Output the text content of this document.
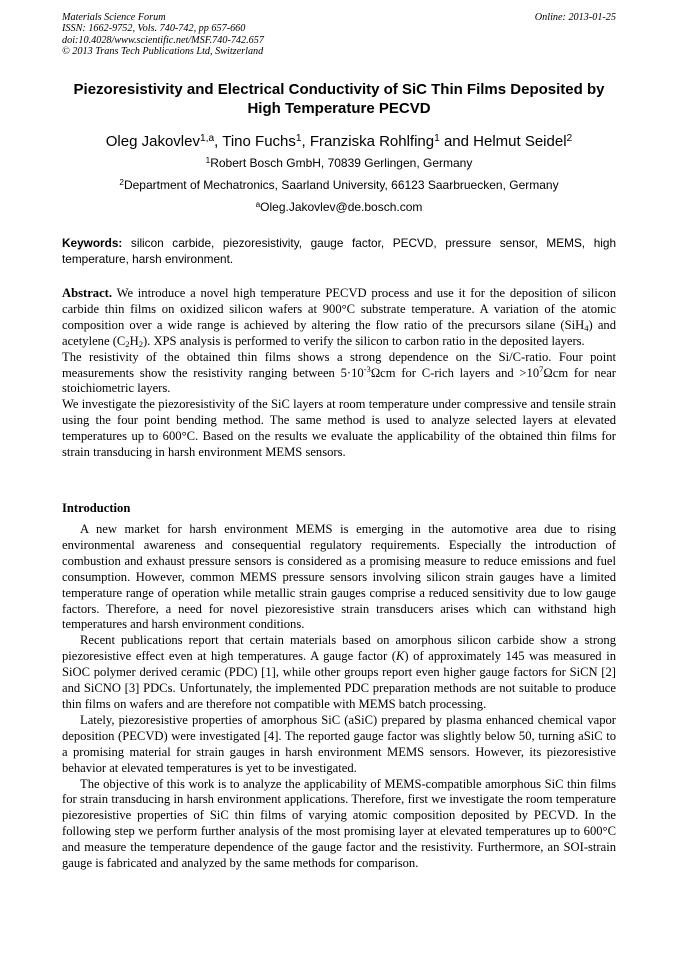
Materials Science Forum
ISSN: 1662-9752, Vols. 740-742, pp 657-660
doi:10.4028/www.scientific.net/MSF.740-742.657
© 2013 Trans Tech Publications Ltd, Switzerland
Online: 2013-01-25
Piezoresistivity and Electrical Conductivity of SiC Thin Films Deposited by High Temperature PECVD
Oleg Jakovlev$^{1,a}$, Tino Fuchs$^1$, Franziska Rohlfing$^1$ and Helmut Seidel$^2$
$^1$Robert Bosch GmbH, 70839 Gerlingen, Germany
$^2$Department of Mechatronics, Saarland University, 66123 Saarbruecken, Germany
$^a$Oleg.Jakovlev@de.bosch.com
Keywords: silicon carbide, piezoresistivity, gauge factor, PECVD, pressure sensor, MEMS, high temperature, harsh environment.

Abstract. We introduce a novel high temperature PECVD process and use it for the deposition of silicon carbide thin films on oxidized silicon wafers at 900°C substrate temperature. A variation of the atomic composition over a wide range is achieved by altering the flow ratio of the precursors silane (SiH$_4$) and acetylene $(C_2H_2)$. XPS analysis is performed to verify the silicon to carbon ratio in the deposited layers.

The resistivity of the obtained thin films shows a strong dependence on the Si/C-ratio. Four point measurements show the resistivity ranging between $5\cdot 10^{-3}\Omega cm$ for C-rich layers and $>10^7\Omega cm$ for near stoichiometric layers.

We investigate the piezoresistivity of the SiC layers at room temperature under compressive and tensile strain using the four point bending method. The same method is used to analyze selected layers at elevated temperatures up to 600°C. Based on the results we evaluate the applicability of the obtained thin films for strain transducing in harsh environment MEMS sensors.

Introduction

A new market for harsh environment MEMS is emerging in the automotive area due to rising environmental awareness and consequential regulatory requirements. Especially the introduction of combustion and exhaust pressure sensors is considered as a promising measure to reduce emissions and fuel consumption. However, common MEMS pressure sensors involving silicon strain gauges have a limited temperature range of operation while metallic strain gauges comprise a reduced sensitivity due to low gauge factors. Therefore, a need for novel piezoresistive strain transducers arises which can withstand high temperatures and harsh environment conditions.

Recent publications report that certain materials based on amorphous silicon carbide show a strong piezoresistive effect even at high temperatures. A gauge factor (K) of approximately 145 was measured in SiOC polymer derived ceramic (PDC) [1], while other groups report even higher gauge factors for SiCN [2] and SiCNO [3] PDCs. Unfortunately, the implemented PDC preparation methods are not suitable to produce thin films on wafers and are therefore not compatible with MEMS batch processing.

Lately, piezoresistive properties of amorphous SiC (aSiC) prepared by plasma enhanced chemical vapor deposition (PECVD) were investigated [4]. The reported gauge factor was slightly below 50, turning aSiC to a promising material for strain gauges in harsh environment MEMS sensors. However, its piezoresistive behavior at elevated temperatures is yet to be investigated.

The objective of this work is to analyze the applicability of MEMS-compatible amorphous SiC thin films for strain transducing in harsh environment applications. Therefore, first we investigate the room temperature piezoresistive properties of SiC thin films of varying atomic composition deposited by PECVD. In the following step we perform further analysis of the most promising layer at elevated temperatures up to 600°C and measure the temperature dependence of the gauge factor and the resistivity. Furthermore, an SOI-strain gauge is fabricated and analyzed by the same methods for comparison.
